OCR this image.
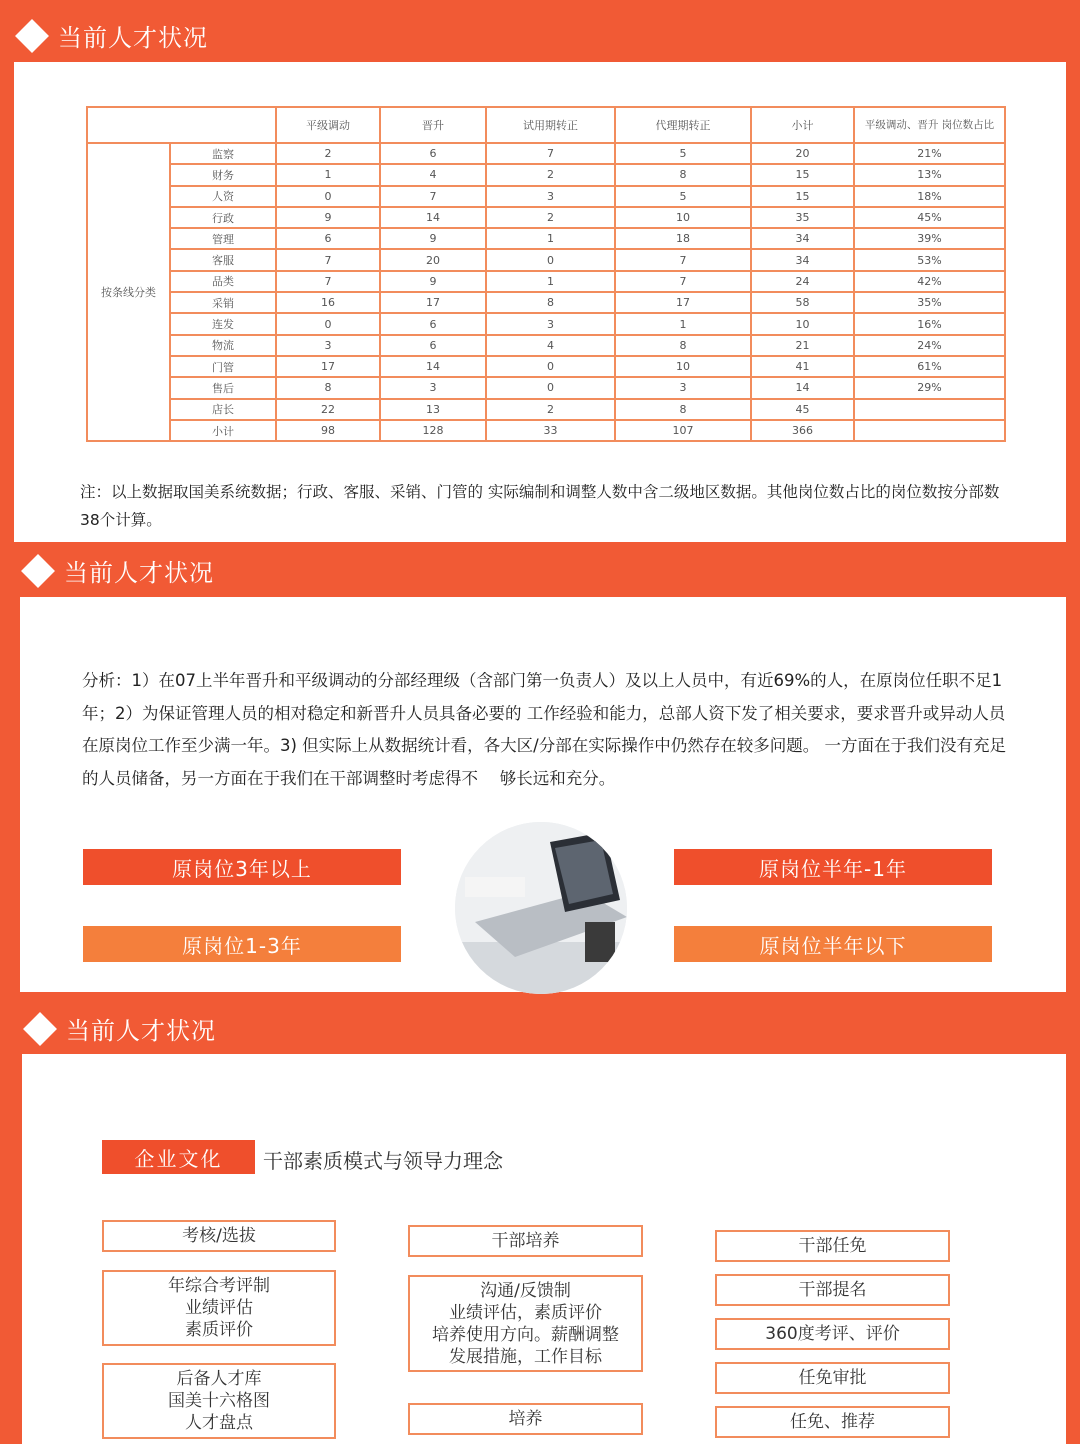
当前人才状况
		平级调动	晋升	试用期转正	代理期转正	小计	平级调动、晋升 岗位数占比
按条线分类	监察	2	6	7	5	20	21%
	财务	1	4	2	8	15	13%
	人资	0	7	3	5	15	18%
	行政	9	14	2	10	35	45%
	管理	6	9	1	18	34	39%
	客服	7	20	0	7	34	53%
	品类	7	9	1	7	24	42%
	采销	16	17	8	17	58	35%
	连发	0	6	3	1	10	16%
	物流	3	6	4	8	21	24%
	门管	17	14	0	10	41	61%
	售后	8	3	0	3	14	29%
	店长	22	13	2	8	45	
	小计	98	128	33	107	366	
注：以上数据取国美系统数据；行政、客服、采销、门管的 实际编制和调整人数中含二级地区数据。其他岗位数占比的岗位数按分部数38个计算。
当前人才状况
分析：1）在07上半年晋升和平级调动的分部经理级（含部门第一负责人）及以上人员中，有近69%的人，在原岗位任职不足1年；2）为保证管理人员的相对稳定和新晋升人员具备必要的 工作经验和能力，总部人资下发了相关要求，要求晋升或异动人员在原岗位工作至少满一年。3) 但实际上从数据统计看，各大区/分部在实际操作中仍然存在较多问题。 一方面在于我们没有充足的人员储备，另一方面在于我们在干部调整时考虑得不　 够长远和充分。
原岗位3年以上
原岗位1-3年
原岗位半年-1年
原岗位半年以下
当前人才状况
企业文化	干部素质模式与领导力理念
考核/选拔
年综合考评制
业绩评估
素质评价
后备人才库
国美十六格图
人才盘点
干部培养
沟通/反馈制
业绩评估，素质评价
培养使用方向。薪酬调整
发展措施，工作目标
培养
干部任免
干部提名
360度考评、评价
任免审批
任免、推荐
